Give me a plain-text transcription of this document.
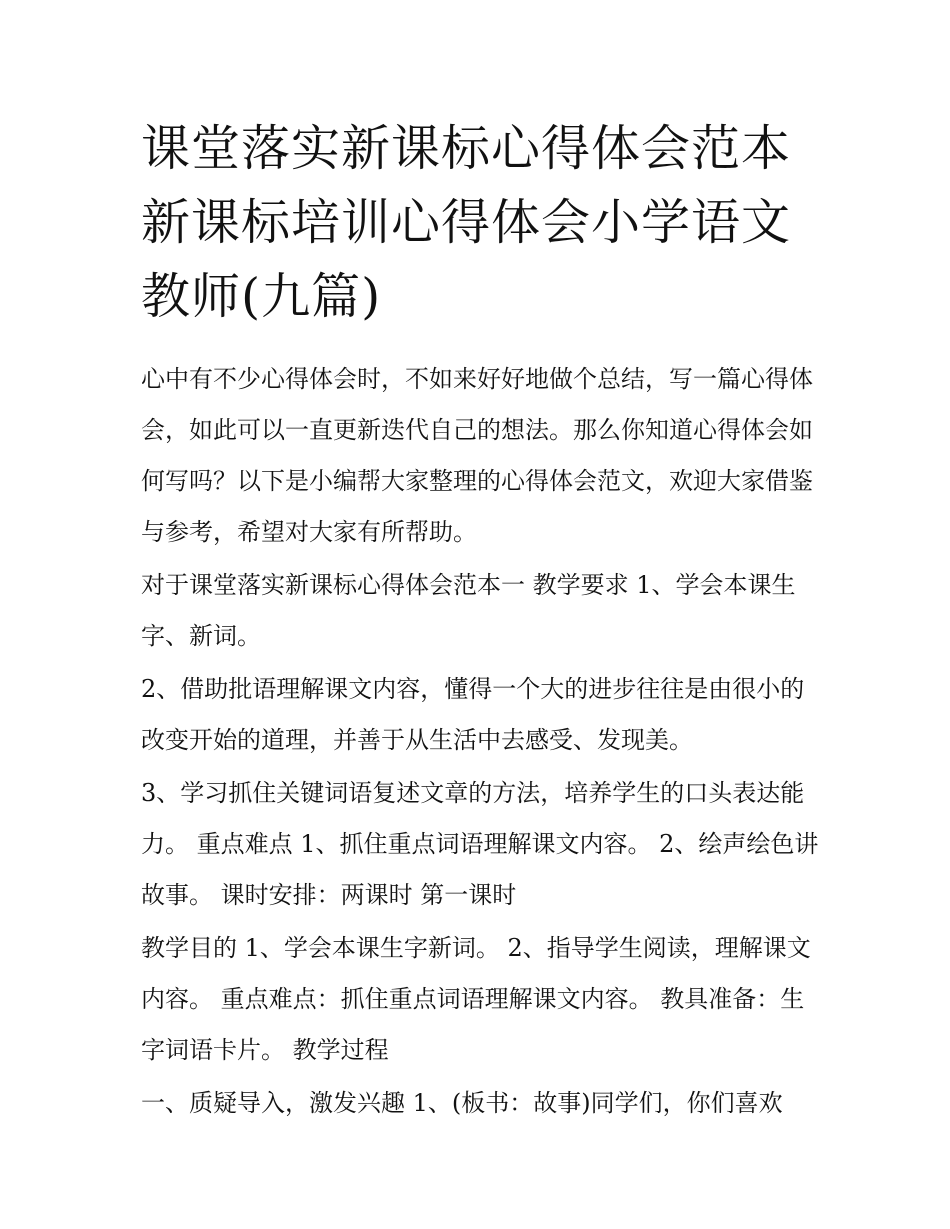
课堂落实新课标心得体会范本新课标培训心得体会小学语文教师(九篇)

心中有不少心得体会时，不如来好好地做个总结，写一篇心得体会，如此可以一直更新迭代自己的想法。那么你知道心得体会如何写吗？以下是小编帮大家整理的心得体会范文，欢迎大家借鉴与参考，希望对大家有所帮助。

对于课堂落实新课标心得体会范本一 教学要求 1、学会本课生字、新词。

2、借助批语理解课文内容，懂得一个大的进步往往是由很小的改变开始的道理，并善于从生活中去感受、发现美。

3、学习抓住关键词语复述文章的方法，培养学生的口头表达能力。 重点难点 1、抓住重点词语理解课文内容。 2、绘声绘色讲故事。 课时安排：两课时 第一课时

教学目的 1、学会本课生字新词。 2、指导学生阅读，理解课文内容。 重点难点：抓住重点词语理解课文内容。 教具准备：生字词语卡片。 教学过程

一、质疑导入，激发兴趣 1、(板书：故事)同学们，你们喜欢
